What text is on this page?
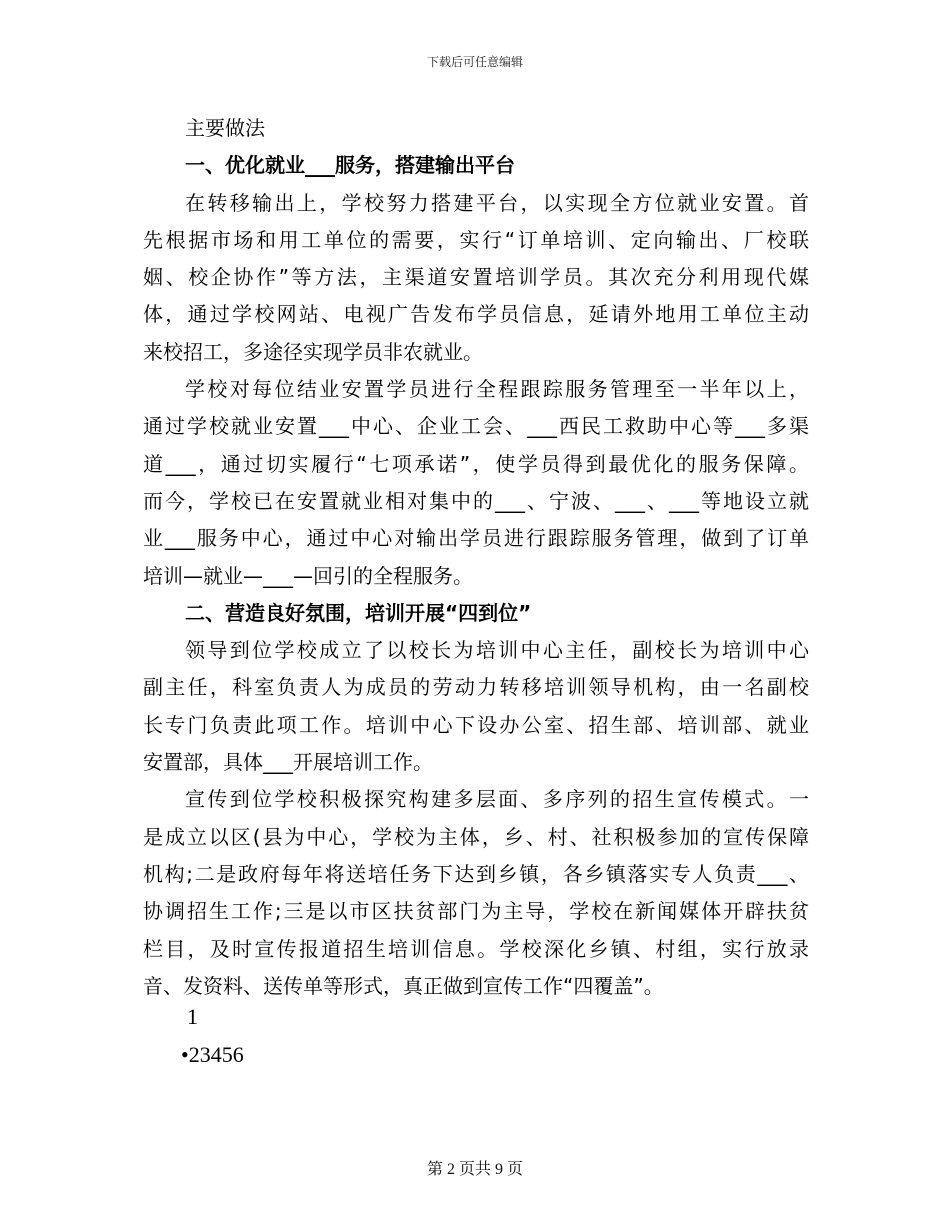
下载后可任意编辑
主要做法
一、优化就业___服务，搭建输出平台
在转移输出上，学校努力搭建平台，以实现全方位就业安置。首
先根据市场和用工单位的需要，实行“订单培训、定向输出、厂校联
姻、校企协作”等方法，主渠道安置培训学员。其次充分利用现代媒
体，通过学校网站、电视广告发布学员信息，延请外地用工单位主动
来校招工，多途径实现学员非农就业。
学校对每位结业安置学员进行全程跟踪服务管理至一半年以上，
通过学校就业安置___中心、企业工会、___西民工救助中心等___多渠
道___，通过切实履行“七项承诺”，使学员得到最优化的服务保障。
而今，学校已在安置就业相对集中的___、宁波、___、___等地设立就
业___服务中心，通过中心对输出学员进行跟踪服务管理，做到了订单
培训—就业—___—回引的全程服务。
二、营造良好氛围，培训开展“四到位”
领导到位学校成立了以校长为培训中心主任，副校长为培训中心
副主任，科室负责人为成员的劳动力转移培训领导机构，由一名副校
长专门负责此项工作。培训中心下设办公室、招生部、培训部、就业
安置部，具体___开展培训工作。
宣传到位学校积极探究构建多层面、多序列的招生宣传模式。一
是成立以区(县为中心，学校为主体，乡、村、社积极参加的宣传保障
机构;二是政府每年将送培任务下达到乡镇，各乡镇落实专人负责___、
协调招生工作;三是以市区扶贫部门为主导，学校在新闻媒体开辟扶贫
栏目，及时宣传报道招生培训信息。学校深化乡镇、村组，实行放录
音、发资料、送传单等形式，真正做到宣传工作“四覆盖”。
1
•23456
第 2 页共 9 页
